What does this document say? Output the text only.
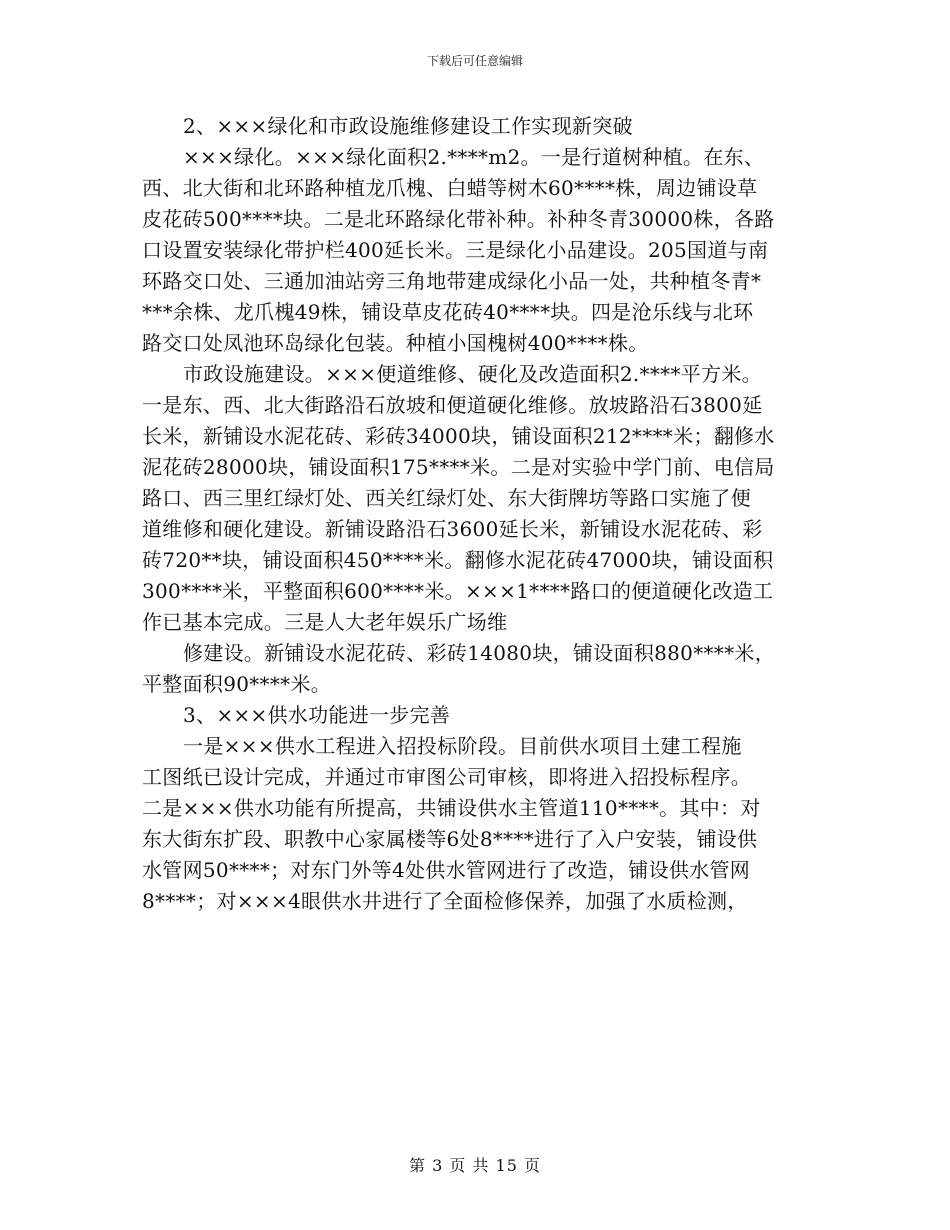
下载后可任意编辑
2、×××绿化和市政设施维修建设工作实现新突破
×××绿化。×××绿化面积2.****m2。一是行道树种植。在东、
西、北大街和北环路种植龙爪槐、白蜡等树木60****株，周边铺设草
皮花砖500****块。二是北环路绿化带补种。补种冬青30000株，各路
口设置安装绿化带护栏400延长米。三是绿化小品建设。205国道与南
环路交口处、三通加油站旁三角地带建成绿化小品一处，共种植冬青*
***余株、龙爪槐49株，铺设草皮花砖40****块。四是沧乐线与北环
路交口处凤池环岛绿化包装。种植小国槐树400****株。
市政设施建设。×××便道维修、硬化及改造面积2.****平方米。
一是东、西、北大街路沿石放坡和便道硬化维修。放坡路沿石3800延
长米，新铺设水泥花砖、彩砖34000块，铺设面积212****米；翻修水
泥花砖28000块，铺设面积175****米。二是对实验中学门前、电信局
路口、西三里红绿灯处、西关红绿灯处、东大街牌坊等路口实施了便
道维修和硬化建设。新铺设路沿石3600延长米，新铺设水泥花砖、彩
砖720**块，铺设面积450****米。翻修水泥花砖47000块，铺设面积
300****米，平整面积600****米。×××1****路口的便道硬化改造工
作已基本完成。三是人大老年娱乐广场维
修建设。新铺设水泥花砖、彩砖14080块，铺设面积880****米，
平整面积90****米。
3、×××供水功能进一步完善
一是×××供水工程进入招投标阶段。目前供水项目土建工程施
工图纸已设计完成，并通过市审图公司审核，即将进入招投标程序。
二是×××供水功能有所提高，共铺设供水主管道110****。其中：对
东大街东扩段、职教中心家属楼等6处8****进行了入户安装，铺设供
水管网50****；对东门外等4处供水管网进行了改造，铺设供水管网
8****；对×××4眼供水井进行了全面检修保养，加强了水质检测，
第 3 页 共 15 页
